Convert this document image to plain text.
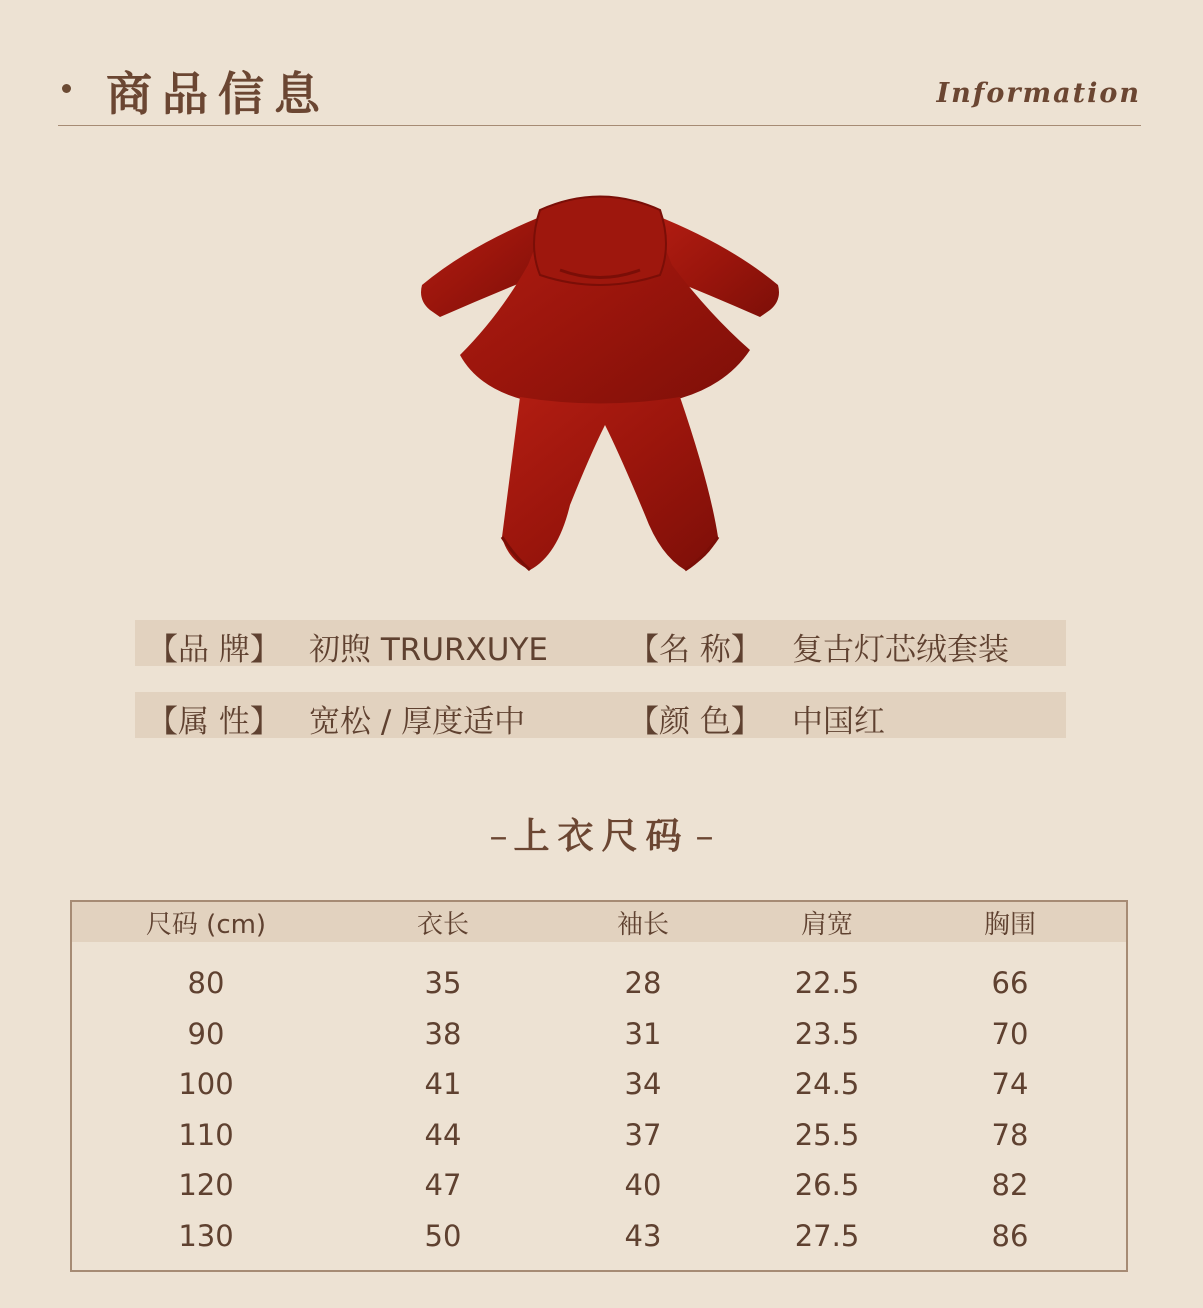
商品信息	Information
【品 牌】 初煦 TRURXUYE	【名 称】 复古灯芯绒套装
【属 性】 宽松 / 厚度适中	【颜 色】 中国红
– 上衣尺码 –
尺码 (cm)	衣长	袖长	肩宽	胸围
80	35	28	22.5	66
90	38	31	23.5	70
100	41	34	24.5	74
110	44	37	25.5	78
120	47	40	26.5	82
130	50	43	27.5	86
